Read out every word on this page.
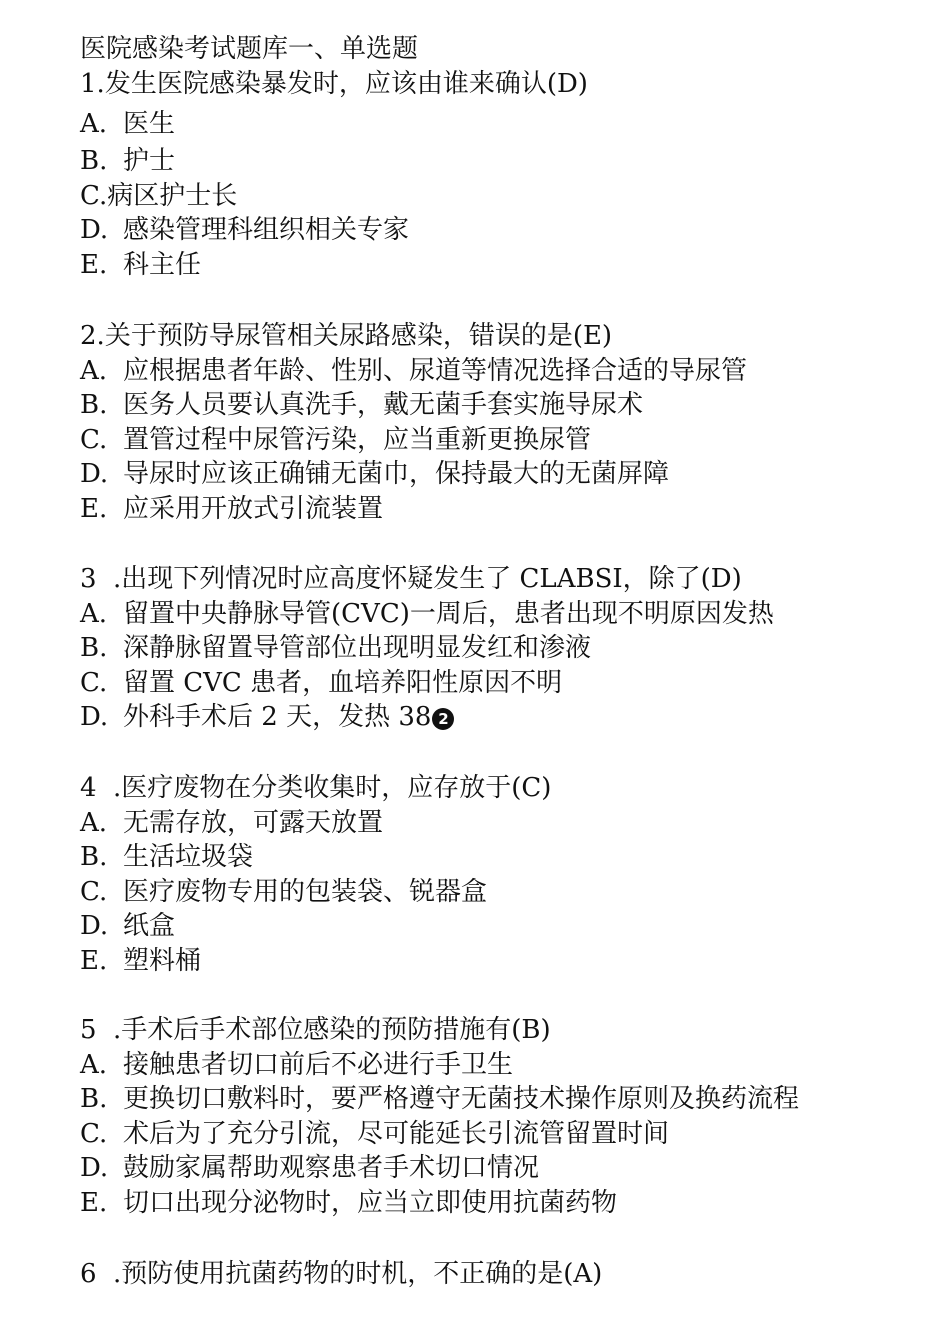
医院感染考试题库一、单选题
1.发生医院感染暴发时，应该由谁来确认(D)
A. 医生
B. 护士
C. 病区护士长
D. 感染管理科组织相关专家
E. 科主任
2.关于预防导尿管相关尿路感染，错误的是(E)
A. 应根据患者年龄、性别、尿道等情况选择合适的导尿管
B. 医务人员要认真洗手，戴无菌手套实施导尿术
C. 置管过程中尿管污染，应当重新更换尿管
D. 导尿时应该正确铺无菌巾，保持最大的无菌屏障
E. 应采用开放式引流装置
3 .出现下列情况时应高度怀疑发生了 CLABSI，除了(D)
A. 留置中央静脉导管(CVC)一周后，患者出现不明原因发热
B. 深静脉留置导管部位出现明显发红和渗液
C. 留置 CVC 患者，血培养阳性原因不明
D. 外科手术后 2 天，发热 38 2
4 .医疗废物在分类收集时，应存放于(C)
A. 无需存放，可露天放置
B. 生活垃圾袋
C. 医疗废物专用的包装袋、锐器盒
D. 纸盒
E. 塑料桶
5 .手术后手术部位感染的预防措施有(B)
A. 接触患者切口前后不必进行手卫生
B. 更换切口敷料时，要严格遵守无菌技术操作原则及换药流程
C. 术后为了充分引流，尽可能延长引流管留置时间
D. 鼓励家属帮助观察患者手术切口情况
E. 切口出现分泌物时，应当立即使用抗菌药物
6 .预防使用抗菌药物的时机，不正确的是(A)
